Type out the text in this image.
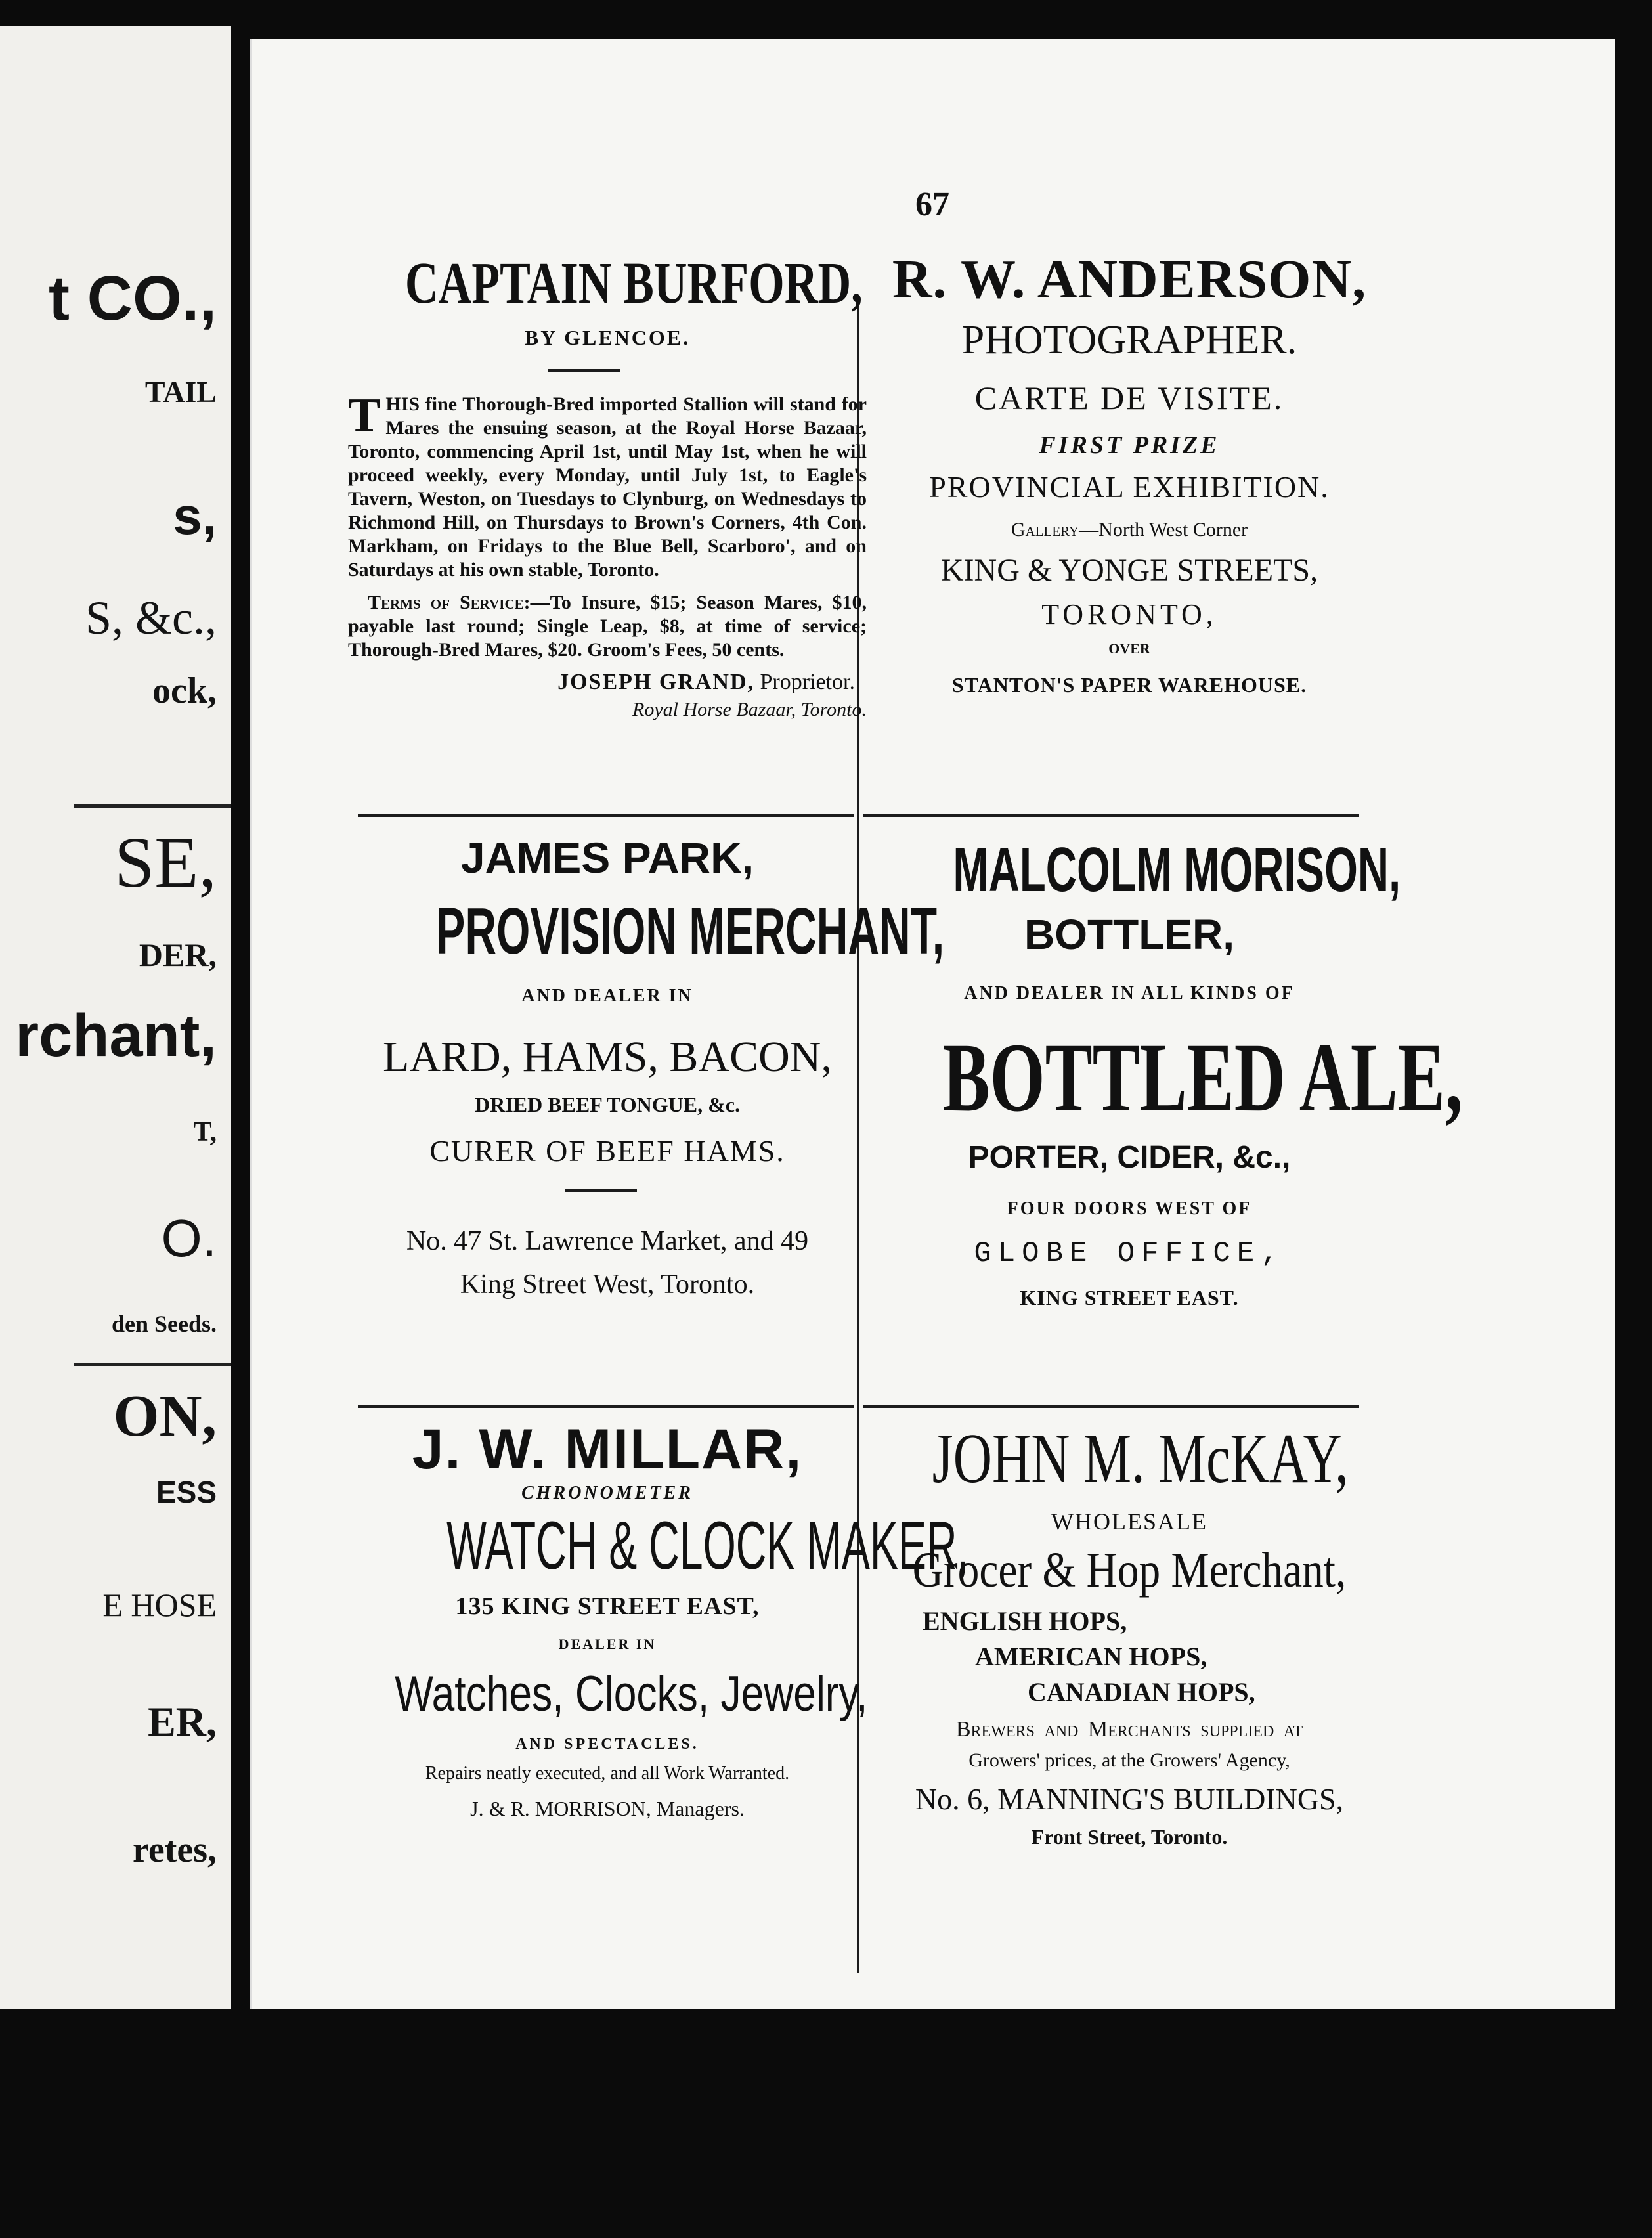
t CO.,
TAIL
s,
S, &c.,
ock,
SE,
DER,
rchant,
T,
O.
den Seeds.
ON,
ESS
E HOSE
ER,
retes,
67
CAPTAIN BURFORD,
BY GLENCOE.

THIS fine Thorough-Bred imported Stallion will stand for Mares the ensuing season, at the Royal Horse Bazaar, Toronto, commencing April 1st, until May 1st, when he will proceed weekly, every Monday, until July 1st, to Eagle's Tavern, Weston, on Tuesdays to Clynburg, on Wednesdays to Richmond Hill, on Thursdays to Brown's Corners, 4th Con. Markham, on Fridays to the Blue Bell, Scarboro', and on Saturdays at his own stable, Toronto.

Terms of Service:—To Insure, $15; Season Mares, $10, payable last round; Single Leap, $8, at time of service; Thorough-Bred Mares, $20. Groom's Fees, 50 cents.

JOSEPH GRAND, Proprietor.
Royal Horse Bazaar, Toronto.
R. W. ANDERSON,
PHOTOGRAPHER.
CARTE DE VISITE.
FIRST PRIZE
PROVINCIAL EXHIBITION.
Gallery—North West Corner
KING & YONGE STREETS,
TORONTO,
OVER
STANTON'S PAPER WAREHOUSE.
JAMES PARK,
PROVISION MERCHANT,
AND DEALER IN
LARD, HAMS, BACON,
DRIED BEEF TONGUE, &c.
CURER OF BEEF HAMS.
No. 47 St. Lawrence Market, and 49
King Street West, Toronto.
MALCOLM MORISON,
BOTTLER,
AND DEALER IN ALL KINDS OF
BOTTLED ALE,
PORTER, CIDER, &c.,
FOUR DOORS WEST OF
GLOBE OFFICE,
KING STREET EAST.
J. W. MILLAR,
CHRONOMETER
WATCH & CLOCK MAKER,
135 KING STREET EAST,
DEALER IN
Watches, Clocks, Jewelry,
AND SPECTACLES.
Repairs neatly executed, and all Work Warranted.
J. & R. MORRISON, Managers.
JOHN M. McKAY,
WHOLESALE
Grocer & Hop Merchant,
ENGLISH HOPS,
AMERICAN HOPS,
CANADIAN HOPS,
Brewers and Merchants supplied at
Growers' prices, at the Growers' Agency,
No. 6, MANNING'S BUILDINGS,
Front Street, Toronto.
